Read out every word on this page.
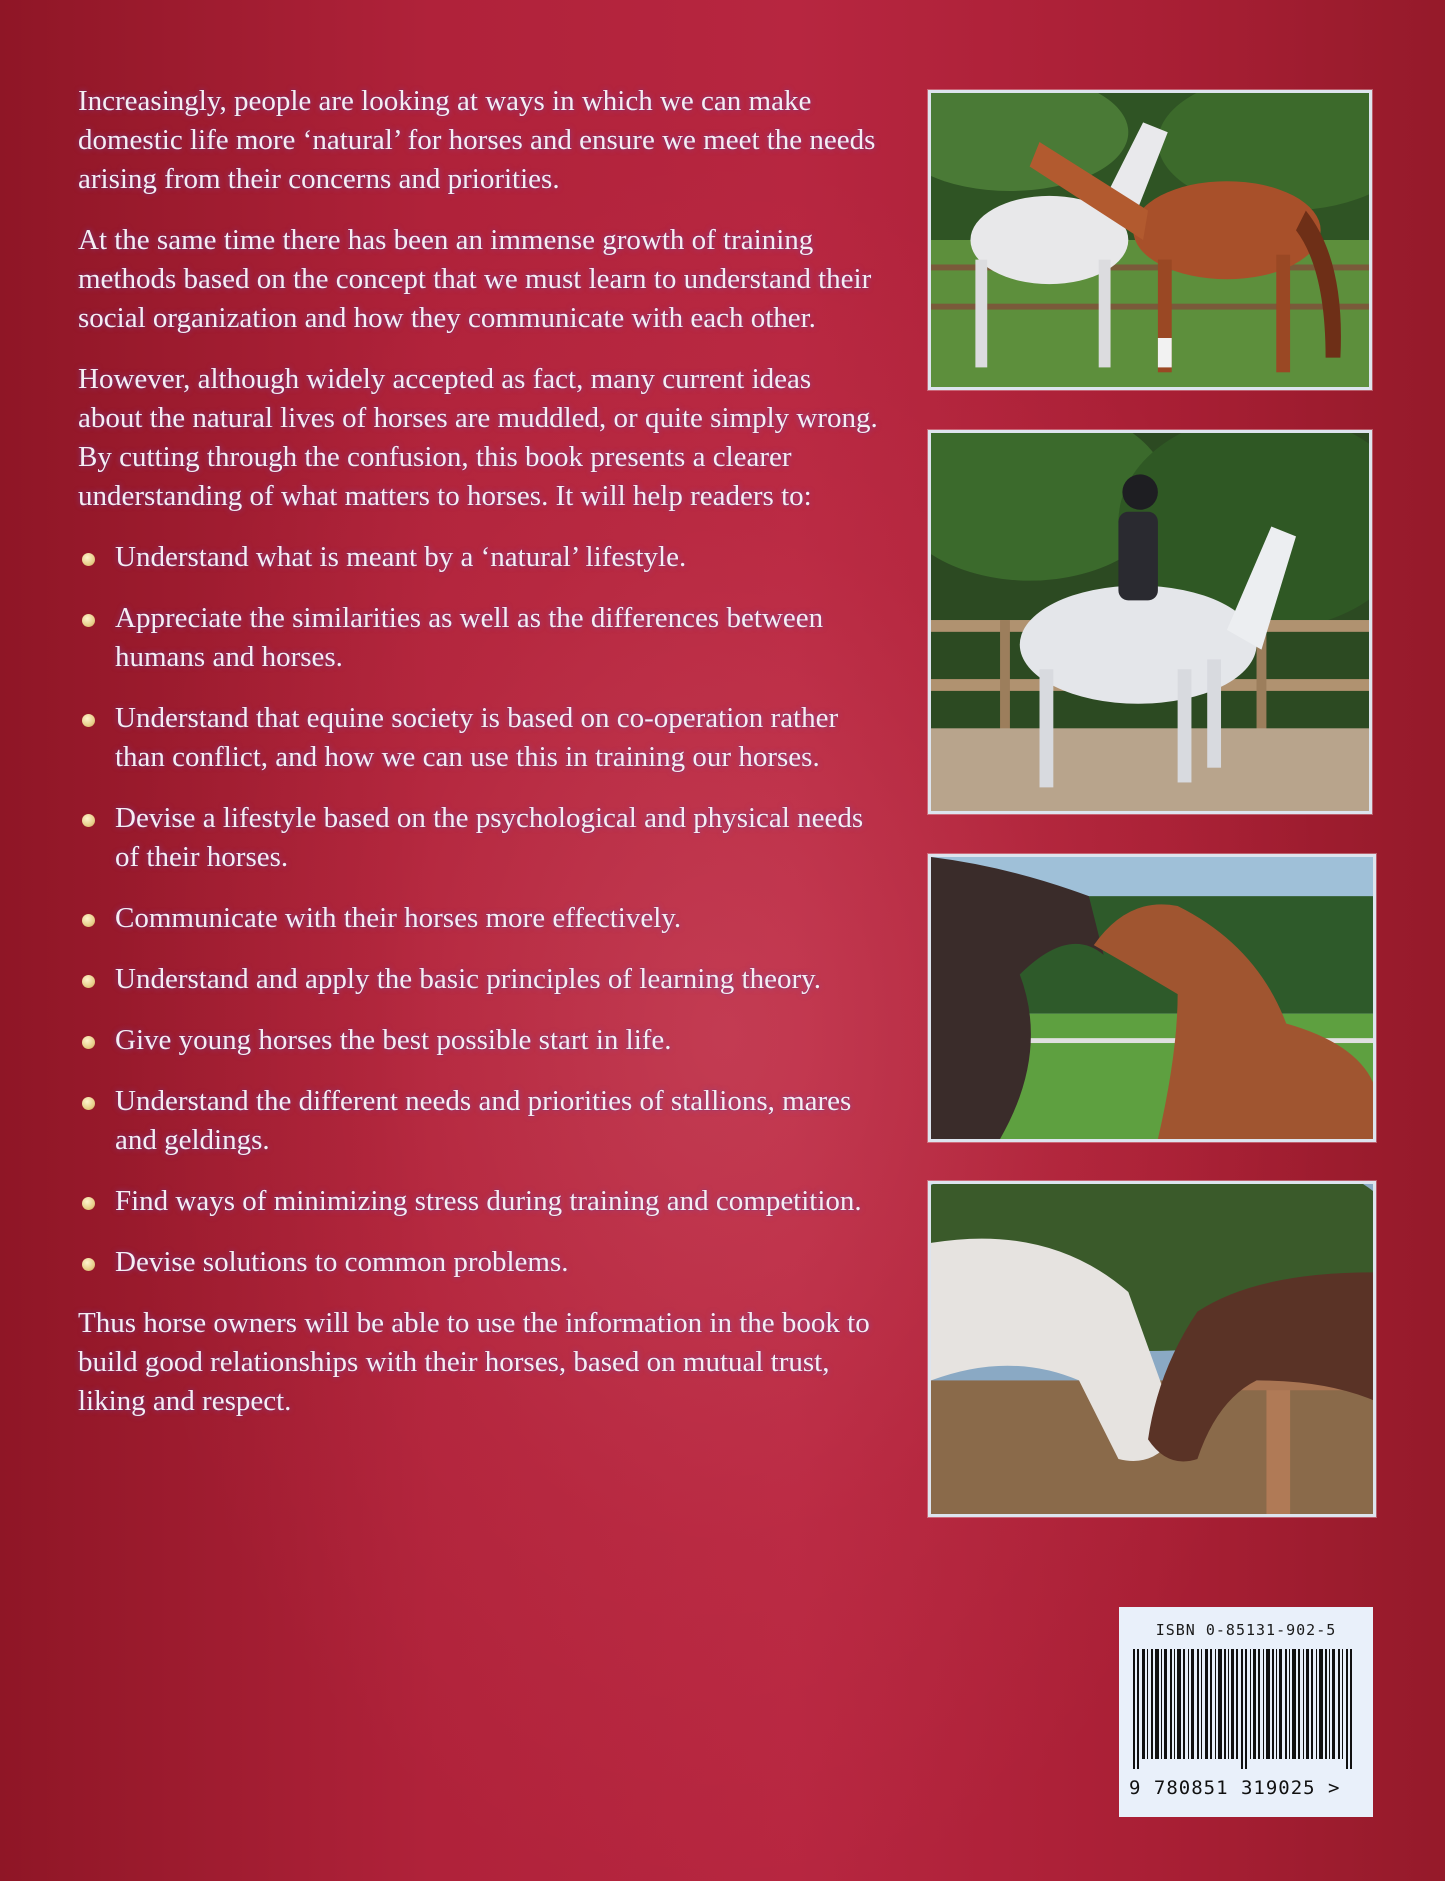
Increasingly, people are looking at ways in which we can make domestic life more ‘natural’ for horses and ensure we meet the needs arising from their concerns and priorities.

At the same time there has been an immense growth of training methods based on the concept that we must learn to understand their social organization and how they communicate with each other.

However, although widely accepted as fact, many current ideas about the natural lives of horses are muddled, or quite simply wrong. By cutting through the confusion, this book presents a clearer understanding of what matters to horses. It will help readers to:

Understand what is meant by a ‘natural’ lifestyle.
Appreciate the similarities as well as the differences between humans and horses.
Understand that equine society is based on co-operation rather than conflict, and how we can use this in training our horses.
Devise a lifestyle based on the psychological and physical needs of their horses.
Communicate with their horses more effectively.
Understand and apply the basic principles of learning theory.
Give young horses the best possible start in life.
Understand the different needs and priorities of stallions, mares and geldings.
Find ways of minimizing stress during training and competition.
Devise solutions to common problems.

Thus horse owners will be able to use the information in the book to build good relationships with their horses, based on mutual trust, liking and respect.

ISBN 0-85131-902-5
9 780851 319025 >
